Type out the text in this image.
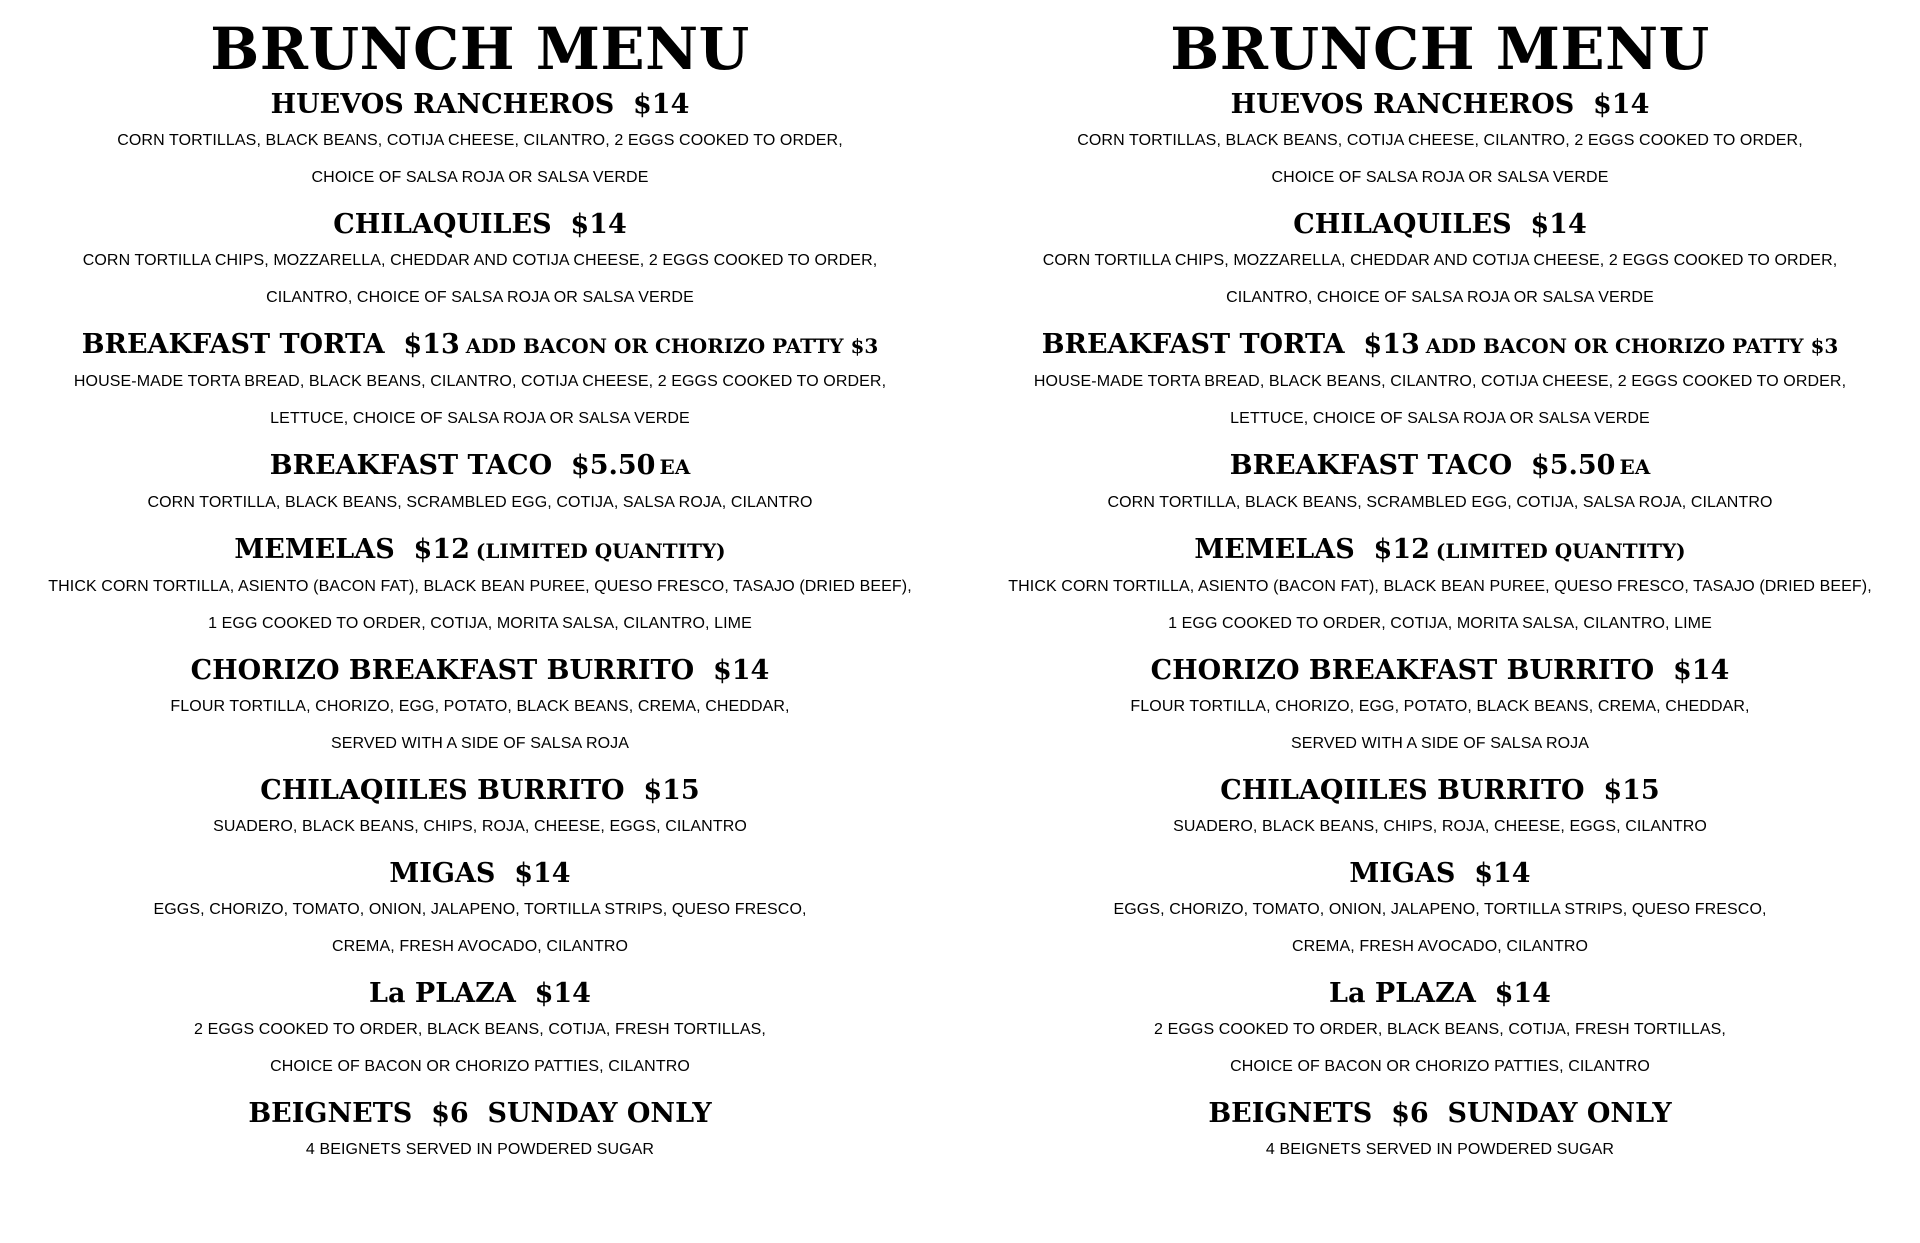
BRUNCH MENU
HUEVOS RANCHEROS  $14
CORN TORTILLAS, BLACK BEANS, COTIJA CHEESE, CILANTRO, 2 EGGS COOKED TO ORDER,
CHOICE OF SALSA ROJA OR SALSA VERDE
CHILAQUILES  $14
CORN TORTILLA CHIPS, MOZZARELLA, CHEDDAR AND COTIJA CHEESE, 2 EGGS COOKED TO ORDER,
CILANTRO, CHOICE OF SALSA ROJA OR SALSA VERDE
BREAKFAST TORTA  $13 ADD BACON OR CHORIZO PATTY $3
HOUSE-MADE TORTA BREAD, BLACK BEANS, CILANTRO, COTIJA CHEESE, 2 EGGS COOKED TO ORDER,
LETTUCE, CHOICE OF SALSA ROJA OR SALSA VERDE
BREAKFAST TACO  $5.50 EA
CORN TORTILLA, BLACK BEANS, SCRAMBLED EGG, COTIJA, SALSA ROJA, CILANTRO
MEMELAS  $12 (LIMITED QUANTITY)
THICK CORN TORTILLA, ASIENTO (BACON FAT), BLACK BEAN PUREE, QUESO FRESCO, TASAJO (DRIED BEEF),
1 EGG COOKED TO ORDER, COTIJA, MORITA SALSA, CILANTRO, LIME
CHORIZO BREAKFAST BURRITO  $14
FLOUR TORTILLA, CHORIZO, EGG, POTATO, BLACK BEANS, CREMA, CHEDDAR,
SERVED WITH A SIDE OF SALSA ROJA
CHILAQIILES BURRITO  $15
SUADERO, BLACK BEANS, CHIPS, ROJA, CHEESE, EGGS, CILANTRO
MIGAS  $14
EGGS, CHORIZO, TOMATO, ONION, JALAPENO, TORTILLA STRIPS, QUESO FRESCO,
CREMA, FRESH AVOCADO, CILANTRO
La PLAZA  $14
2 EGGS COOKED TO ORDER, BLACK BEANS, COTIJA, FRESH TORTILLAS,
CHOICE OF BACON OR CHORIZO PATTIES, CILANTRO
BEIGNETS  $6  SUNDAY ONLY
4 BEIGNETS SERVED IN POWDERED SUGAR
BRUNCH MENU
HUEVOS RANCHEROS  $14
CORN TORTILLAS, BLACK BEANS, COTIJA CHEESE, CILANTRO, 2 EGGS COOKED TO ORDER,
CHOICE OF SALSA ROJA OR SALSA VERDE
CHILAQUILES  $14
CORN TORTILLA CHIPS, MOZZARELLA, CHEDDAR AND COTIJA CHEESE, 2 EGGS COOKED TO ORDER,
CILANTRO, CHOICE OF SALSA ROJA OR SALSA VERDE
BREAKFAST TORTA  $13 ADD BACON OR CHORIZO PATTY $3
HOUSE-MADE TORTA BREAD, BLACK BEANS, CILANTRO, COTIJA CHEESE, 2 EGGS COOKED TO ORDER,
LETTUCE, CHOICE OF SALSA ROJA OR SALSA VERDE
BREAKFAST TACO  $5.50 EA
CORN TORTILLA, BLACK BEANS, SCRAMBLED EGG, COTIJA, SALSA ROJA, CILANTRO
MEMELAS  $12 (LIMITED QUANTITY)
THICK CORN TORTILLA, ASIENTO (BACON FAT), BLACK BEAN PUREE, QUESO FRESCO, TASAJO (DRIED BEEF),
1 EGG COOKED TO ORDER, COTIJA, MORITA SALSA, CILANTRO, LIME
CHORIZO BREAKFAST BURRITO  $14
FLOUR TORTILLA, CHORIZO, EGG, POTATO, BLACK BEANS, CREMA, CHEDDAR,
SERVED WITH A SIDE OF SALSA ROJA
CHILAQIILES BURRITO  $15
SUADERO, BLACK BEANS, CHIPS, ROJA, CHEESE, EGGS, CILANTRO
MIGAS  $14
EGGS, CHORIZO, TOMATO, ONION, JALAPENO, TORTILLA STRIPS, QUESO FRESCO,
CREMA, FRESH AVOCADO, CILANTRO
La PLAZA  $14
2 EGGS COOKED TO ORDER, BLACK BEANS, COTIJA, FRESH TORTILLAS,
CHOICE OF BACON OR CHORIZO PATTIES, CILANTRO
BEIGNETS  $6  SUNDAY ONLY
4 BEIGNETS SERVED IN POWDERED SUGAR
